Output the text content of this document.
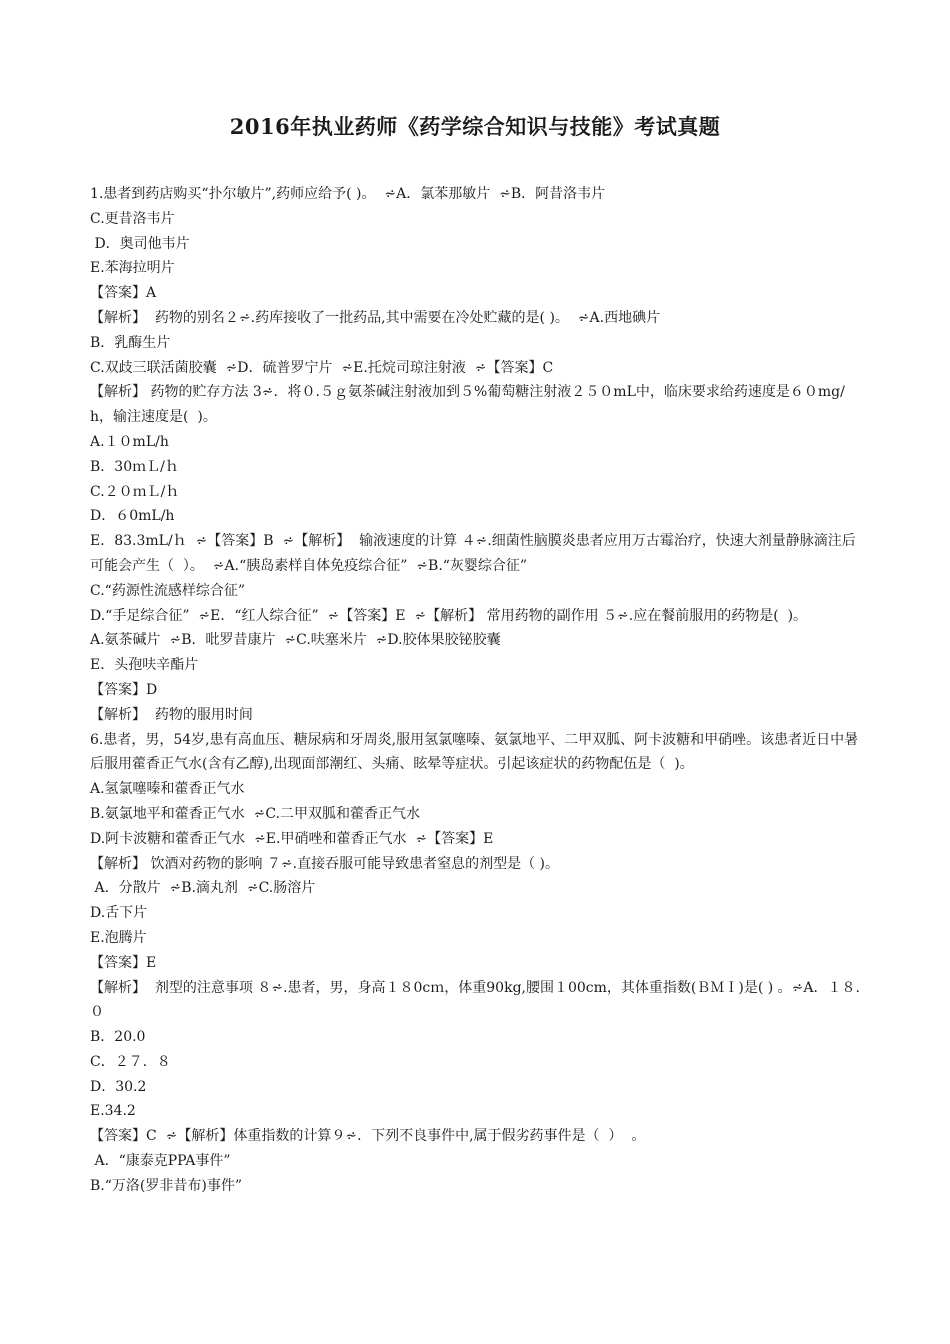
2016年执业药师《药学综合知识与技能》考试真题

1.患者到药店购买“扑尔敏片”,药师应给予( )。  ⩫A．氯苯那敏片  ⩫B．阿昔洛韦片

C.更昔洛韦片

D．奥司他韦片

E.苯海拉明片

【答案】A

【解析】  药物的别名２⩫.药库接收了一批药品,其中需要在冷处贮藏的是( )。  ⩫A.西地碘片

B．乳酶生片

C.双歧三联活菌胶囊  ⩫D．硫普罗宁片  ⩫E.托烷司琼注射液  ⩫【答案】C

【解析】 药物的贮存方法 3⩫．将０.５ｇ氨茶碱注射液加到５%葡萄糖注射液２５０mL中，临床要求给药速度是６０mg/h，输注速度是(  )。

A.１０mL/h

B．30ｍＬ/ｈ

C.２０ｍＬ/ｈ

D．６0mL/h

E．83.3mL/ｈ  ⩫【答案】B  ⩫【解析】  输液速度的计算 ４⩫.细菌性脑膜炎患者应用万古霉治疗，快速大剂量静脉滴注后可能会产生（  ）。  ⩫A.“胰岛素样自体免疫综合征”  ⩫B.“灰婴综合征”

C.“药源性流感样综合征”

D.“手足综合征”  ⩫E．“红人综合征”  ⩫【答案】E  ⩫【解析】 常用药物的副作用 ５⩫.应在餐前服用的药物是(  )。

A.氨茶碱片  ⩫B．吡罗昔康片  ⩫C.呋塞米片  ⩫D.胶体果胶铋胶囊

E．头孢呋辛酯片

【答案】D

【解析】  药物的服用时间

6.患者，男，54岁,患有高血压、糖尿病和牙周炎,服用氢氯噻嗪、氨氯地平、二甲双胍、阿卡波糖和甲硝唑。该患者近日中暑后服用藿香正气水(含有乙醇),出现面部潮红、头痛、眩晕等症状。引起该症状的药物配伍是（  )。

A.氢氯噻嗪和藿香正气水

B.氨氯地平和藿香正气水  ⩫C.二甲双胍和藿香正气水

D.阿卡波糖和藿香正气水  ⩫E.甲硝唑和藿香正气水  ⩫【答案】E

【解析】 饮酒对药物的影响 ７⩫.直接吞服可能导致患者窒息的剂型是（ )。

A．分散片  ⩫B.滴丸剂  ⩫C.肠溶片

D.舌下片

E.泡腾片

【答案】E

【解析】  剂型的注意事项 ８⩫.患者，男，身高１８0cｍ，体重90kg,腰围１00cm，其体重指数(ＢＭＩ)是( ) 。⩫A．１８.０

B．20.0

C．２７．８

D．30.2

E.34.2

【答案】C  ⩫【解析】体重指数的计算９⩫．下列不良事件中,属于假劣药事件是（  ）  。

A．“康泰克PPA事件”

B.“万洛(罗非昔布)事件”
